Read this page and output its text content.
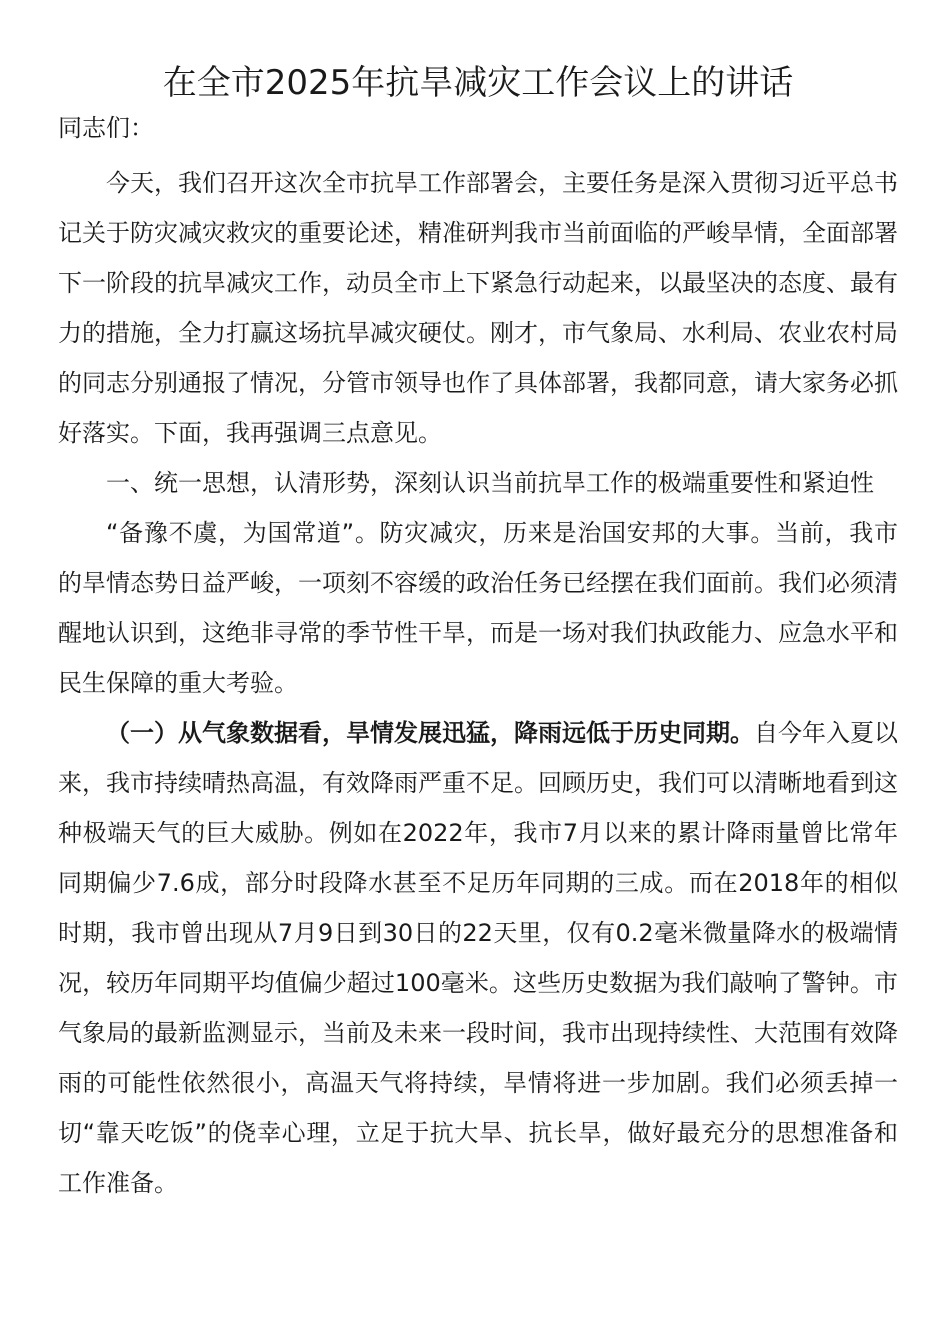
在全市2025年抗旱减灾工作会议上的讲话

同志们：

今天，我们召开这次全市抗旱工作部署会，主要任务是深入贯彻习近平总书记关于防灾减灾救灾的重要论述，精准研判我市当前面临的严峻旱情，全面部署下一阶段的抗旱减灾工作，动员全市上下紧急行动起来，以最坚决的态度、最有力的措施，全力打赢这场抗旱减灾硬仗。刚才，市气象局、水利局、农业农村局的同志分别通报了情况，分管市领导也作了具体部署，我都同意，请大家务必抓好落实。下面，我再强调三点意见。

一、统一思想，认清形势，深刻认识当前抗旱工作的极端重要性和紧迫性

“备豫不虞，为国常道”。防灾减灾，历来是治国安邦的大事。当前，我市的旱情态势日益严峻，一项刻不容缓的政治任务已经摆在我们面前。我们必须清醒地认识到，这绝非寻常的季节性干旱，而是一场对我们执政能力、应急水平和民生保障的重大考验。

（一）从气象数据看，旱情发展迅猛，降雨远低于历史同期。自今年入夏以来，我市持续晴热高温，有效降雨严重不足。回顾历史，我们可以清晰地看到这种极端天气的巨大威胁。例如在2022年，我市7月以来的累计降雨量曾比常年同期偏少7.6成，部分时段降水甚至不足历年同期的三成。而在2018年的相似时期，我市曾出现从7月9日到30日的22天里，仅有0.2毫米微量降水的极端情况，较历年同期平均值偏少超过100毫米。这些历史数据为我们敲响了警钟。市气象局的最新监测显示，当前及未来一段时间，我市出现持续性、大范围有效降雨的可能性依然很小，高温天气将持续，旱情将进一步加剧。我们必须丢掉一切“靠天吃饭”的侥幸心理，立足于抗大旱、抗长旱，做好最充分的思想准备和工作准备。
